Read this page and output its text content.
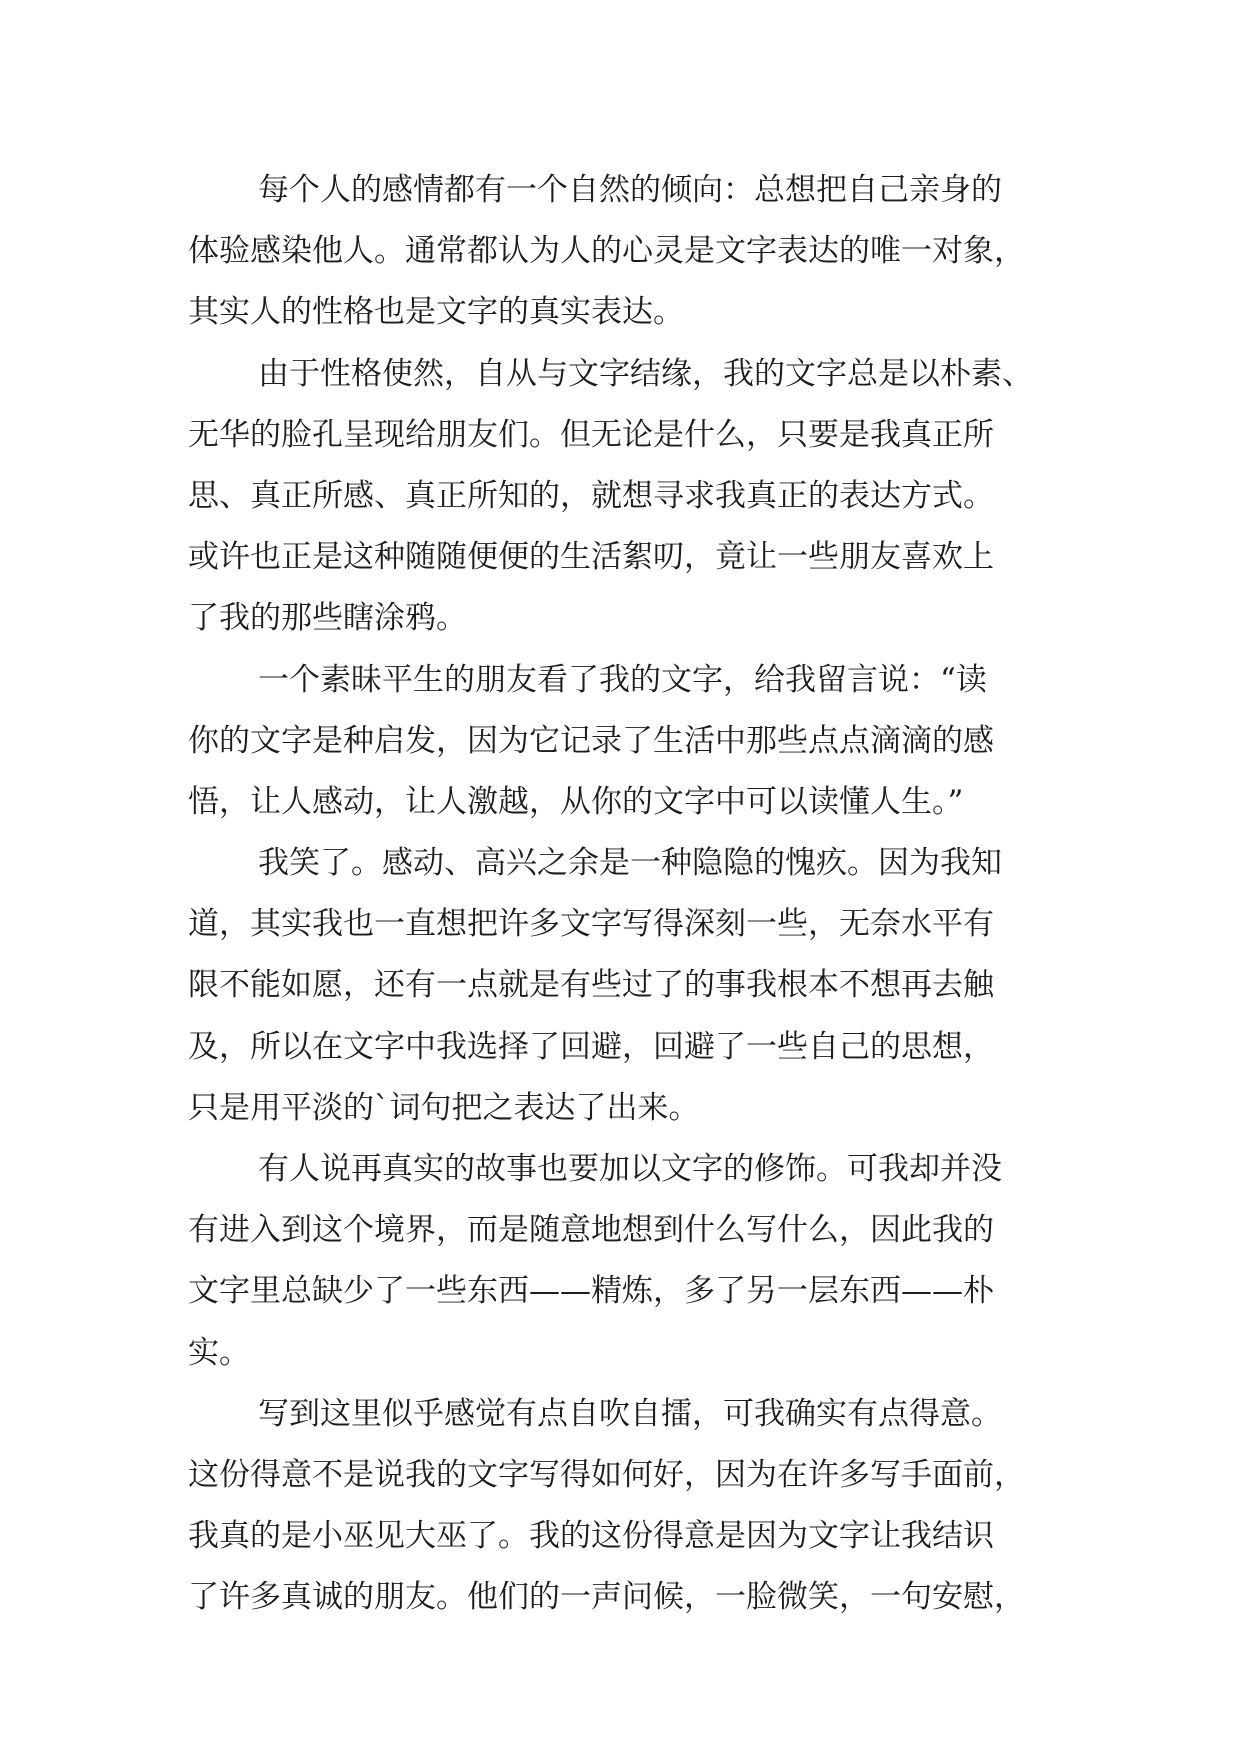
每个人的感情都有一个自然的倾向：总想把自己亲身的
体验感染他人。通常都认为人的心灵是文字表达的唯一对象，
其实人的性格也是文字的真实表达。
由于性格使然，自从与文字结缘，我的文字总是以朴素、
无华的脸孔呈现给朋友们。但无论是什么，只要是我真正所
思、真正所感、真正所知的，就想寻求我真正的表达方式。
或许也正是这种随随便便的生活絮叨，竟让一些朋友喜欢上
了我的那些瞎涂鸦。
一个素昧平生的朋友看了我的文字，给我留言说：“读
你的文字是种启发，因为它记录了生活中那些点点滴滴的感
悟，让人感动，让人激越，从你的文字中可以读懂人生。”
我笑了。感动、高兴之余是一种隐隐的愧疚。因为我知
道，其实我也一直想把许多文字写得深刻一些，无奈水平有
限不能如愿，还有一点就是有些过了的事我根本不想再去触
及，所以在文字中我选择了回避，回避了一些自己的思想，
只是用平淡的`词句把之表达了出来。
有人说再真实的故事也要加以文字的修饰。可我却并没
有进入到这个境界，而是随意地想到什么写什么，因此我的
文字里总缺少了一些东西——精炼，多了另一层东西——朴
实。
写到这里似乎感觉有点自吹自擂，可我确实有点得意。
这份得意不是说我的文字写得如何好，因为在许多写手面前，
我真的是小巫见大巫了。我的这份得意是因为文字让我结识
了许多真诚的朋友。他们的一声问候，一脸微笑，一句安慰，
